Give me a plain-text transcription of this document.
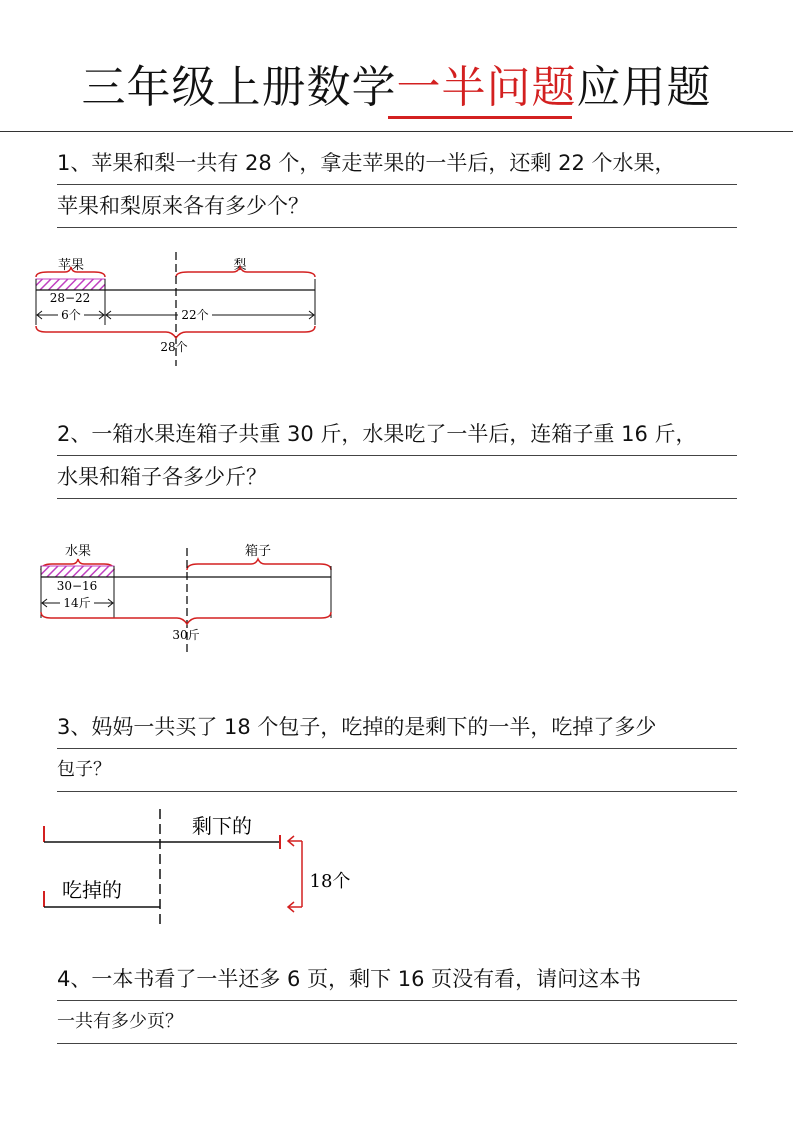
三年级上册数学一半问题应用题
1、苹果和梨一共有 28 个，拿走苹果的一半后，还剩 22 个水果，
苹果和梨原来各有多少个？
苹果	梨
28−22
6个	22个
28个
2、一箱水果连箱子共重 30 斤，水果吃了一半后，连箱子重 16 斤，
水果和箱子各多少斤？
水果	箱子
30−16
14斤
30斤
3、妈妈一共买了 18 个包子，吃掉的是剩下的一半，吃掉了多少
包子？
剩下的
吃掉的	18个
4、一本书看了一半还多 6 页，剩下 16 页没有看，请问这本书
一共有多少页？
